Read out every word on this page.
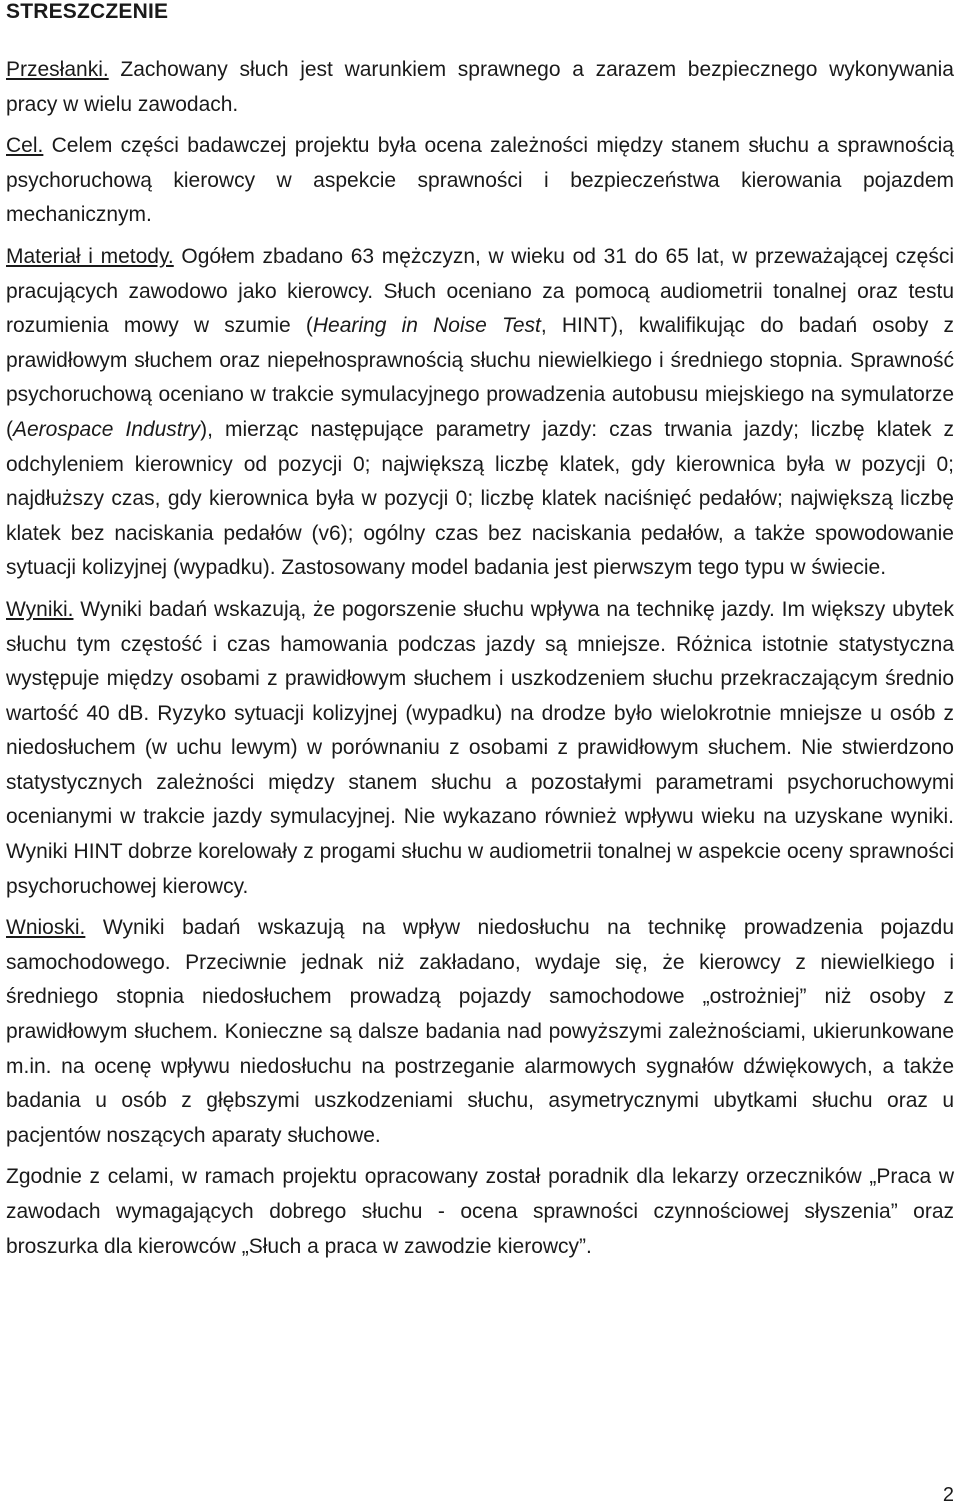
STRESZCZENIE

Przesłanki. Zachowany słuch jest warunkiem sprawnego a zarazem bezpiecznego wykonywania pracy w wielu zawodach.

Cel. Celem części badawczej projektu była ocena zależności między stanem słuchu a sprawnością psychoruchową kierowcy w aspekcie sprawności i bezpieczeństwa kierowania pojazdem mechanicznym.

Materiał i metody. Ogółem zbadano 63 mężczyzn, w wieku od 31 do 65 lat, w przeważającej części pracujących zawodowo jako kierowcy. Słuch oceniano za pomocą audiometrii tonalnej oraz testu rozumienia mowy w szumie (Hearing in Noise Test, HINT), kwalifikując do badań osoby z prawidłowym słuchem oraz niepełnosprawnością słuchu niewielkiego i średniego stopnia. Sprawność psychoruchową oceniano w trakcie symulacyjnego prowadzenia autobusu miejskiego na symulatorze (Aerospace Industry), mierząc następujące parametry jazdy: czas trwania jazdy; liczbę klatek z odchyleniem kierownicy od pozycji 0; największą liczbę klatek, gdy kierownica była w pozycji 0; najdłuższy czas, gdy kierownica była w pozycji 0; liczbę klatek naciśnięć pedałów; największą liczbę klatek bez naciskania pedałów (v6); ogólny czas bez naciskania pedałów, a także spowodowanie sytuacji kolizyjnej (wypadku). Zastosowany model badania jest pierwszym tego typu w świecie.

Wyniki. Wyniki badań wskazują, że pogorszenie słuchu wpływa na technikę jazdy. Im większy ubytek słuchu tym częstość i czas hamowania podczas jazdy są mniejsze. Różnica istotnie statystyczna występuje między osobami z prawidłowym słuchem i uszkodzeniem słuchu przekraczającym średnio wartość 40 dB. Ryzyko sytuacji kolizyjnej (wypadku) na drodze było wielokrotnie mniejsze u osób z niedosłuchem (w uchu lewym) w porównaniu z osobami z prawidłowym słuchem. Nie stwierdzono statystycznych zależności między stanem słuchu a pozostałymi parametrami psychoruchowymi ocenianymi w trakcie jazdy symulacyjnej. Nie wykazano również wpływu wieku na uzyskane wyniki. Wyniki HINT dobrze korelowały z progami słuchu w audiometrii tonalnej w aspekcie oceny sprawności psychoruchowej kierowcy.

Wnioski. Wyniki badań wskazują na wpływ niedosłuchu na technikę prowadzenia pojazdu samochodowego. Przeciwnie jednak niż zakładano, wydaje się, że kierowcy z niewielkiego i średniego stopnia niedosłuchem prowadzą pojazdy samochodowe „ostrożniej” niż osoby z prawidłowym słuchem. Konieczne są dalsze badania nad powyższymi zależnościami, ukierunkowane m.in. na ocenę wpływu niedosłuchu na postrzeganie alarmowych sygnałów dźwiękowych, a także badania u osób z głębszymi uszkodzeniami słuchu, asymetrycznymi ubytkami słuchu oraz u pacjentów noszących aparaty słuchowe.

Zgodnie z celami, w ramach projektu opracowany został poradnik dla lekarzy orzeczników „Praca w zawodach wymagających dobrego słuchu - ocena sprawności czynnościowej słyszenia” oraz broszurka dla kierowców „Słuch a praca w zawodzie kierowcy”.

2
